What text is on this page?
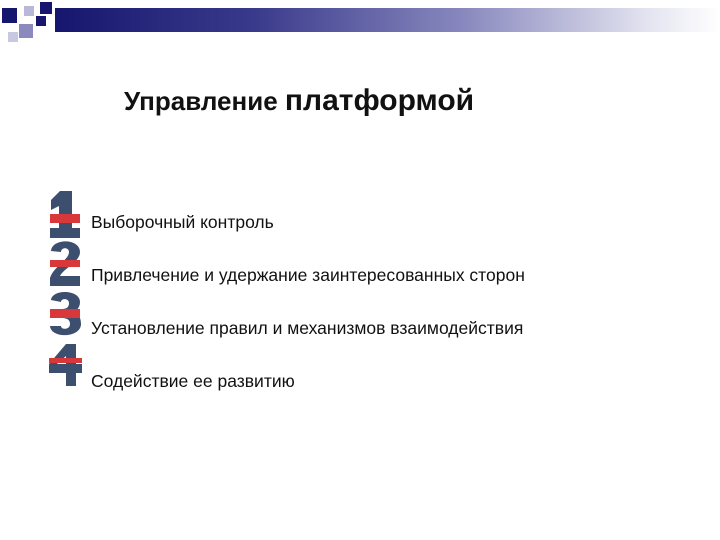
Управление платформой
Выборочный контроль
Привлечение и удержание заинтересованных сторон
Установление правил и механизмов взаимодействия
Содействие ее развитию
